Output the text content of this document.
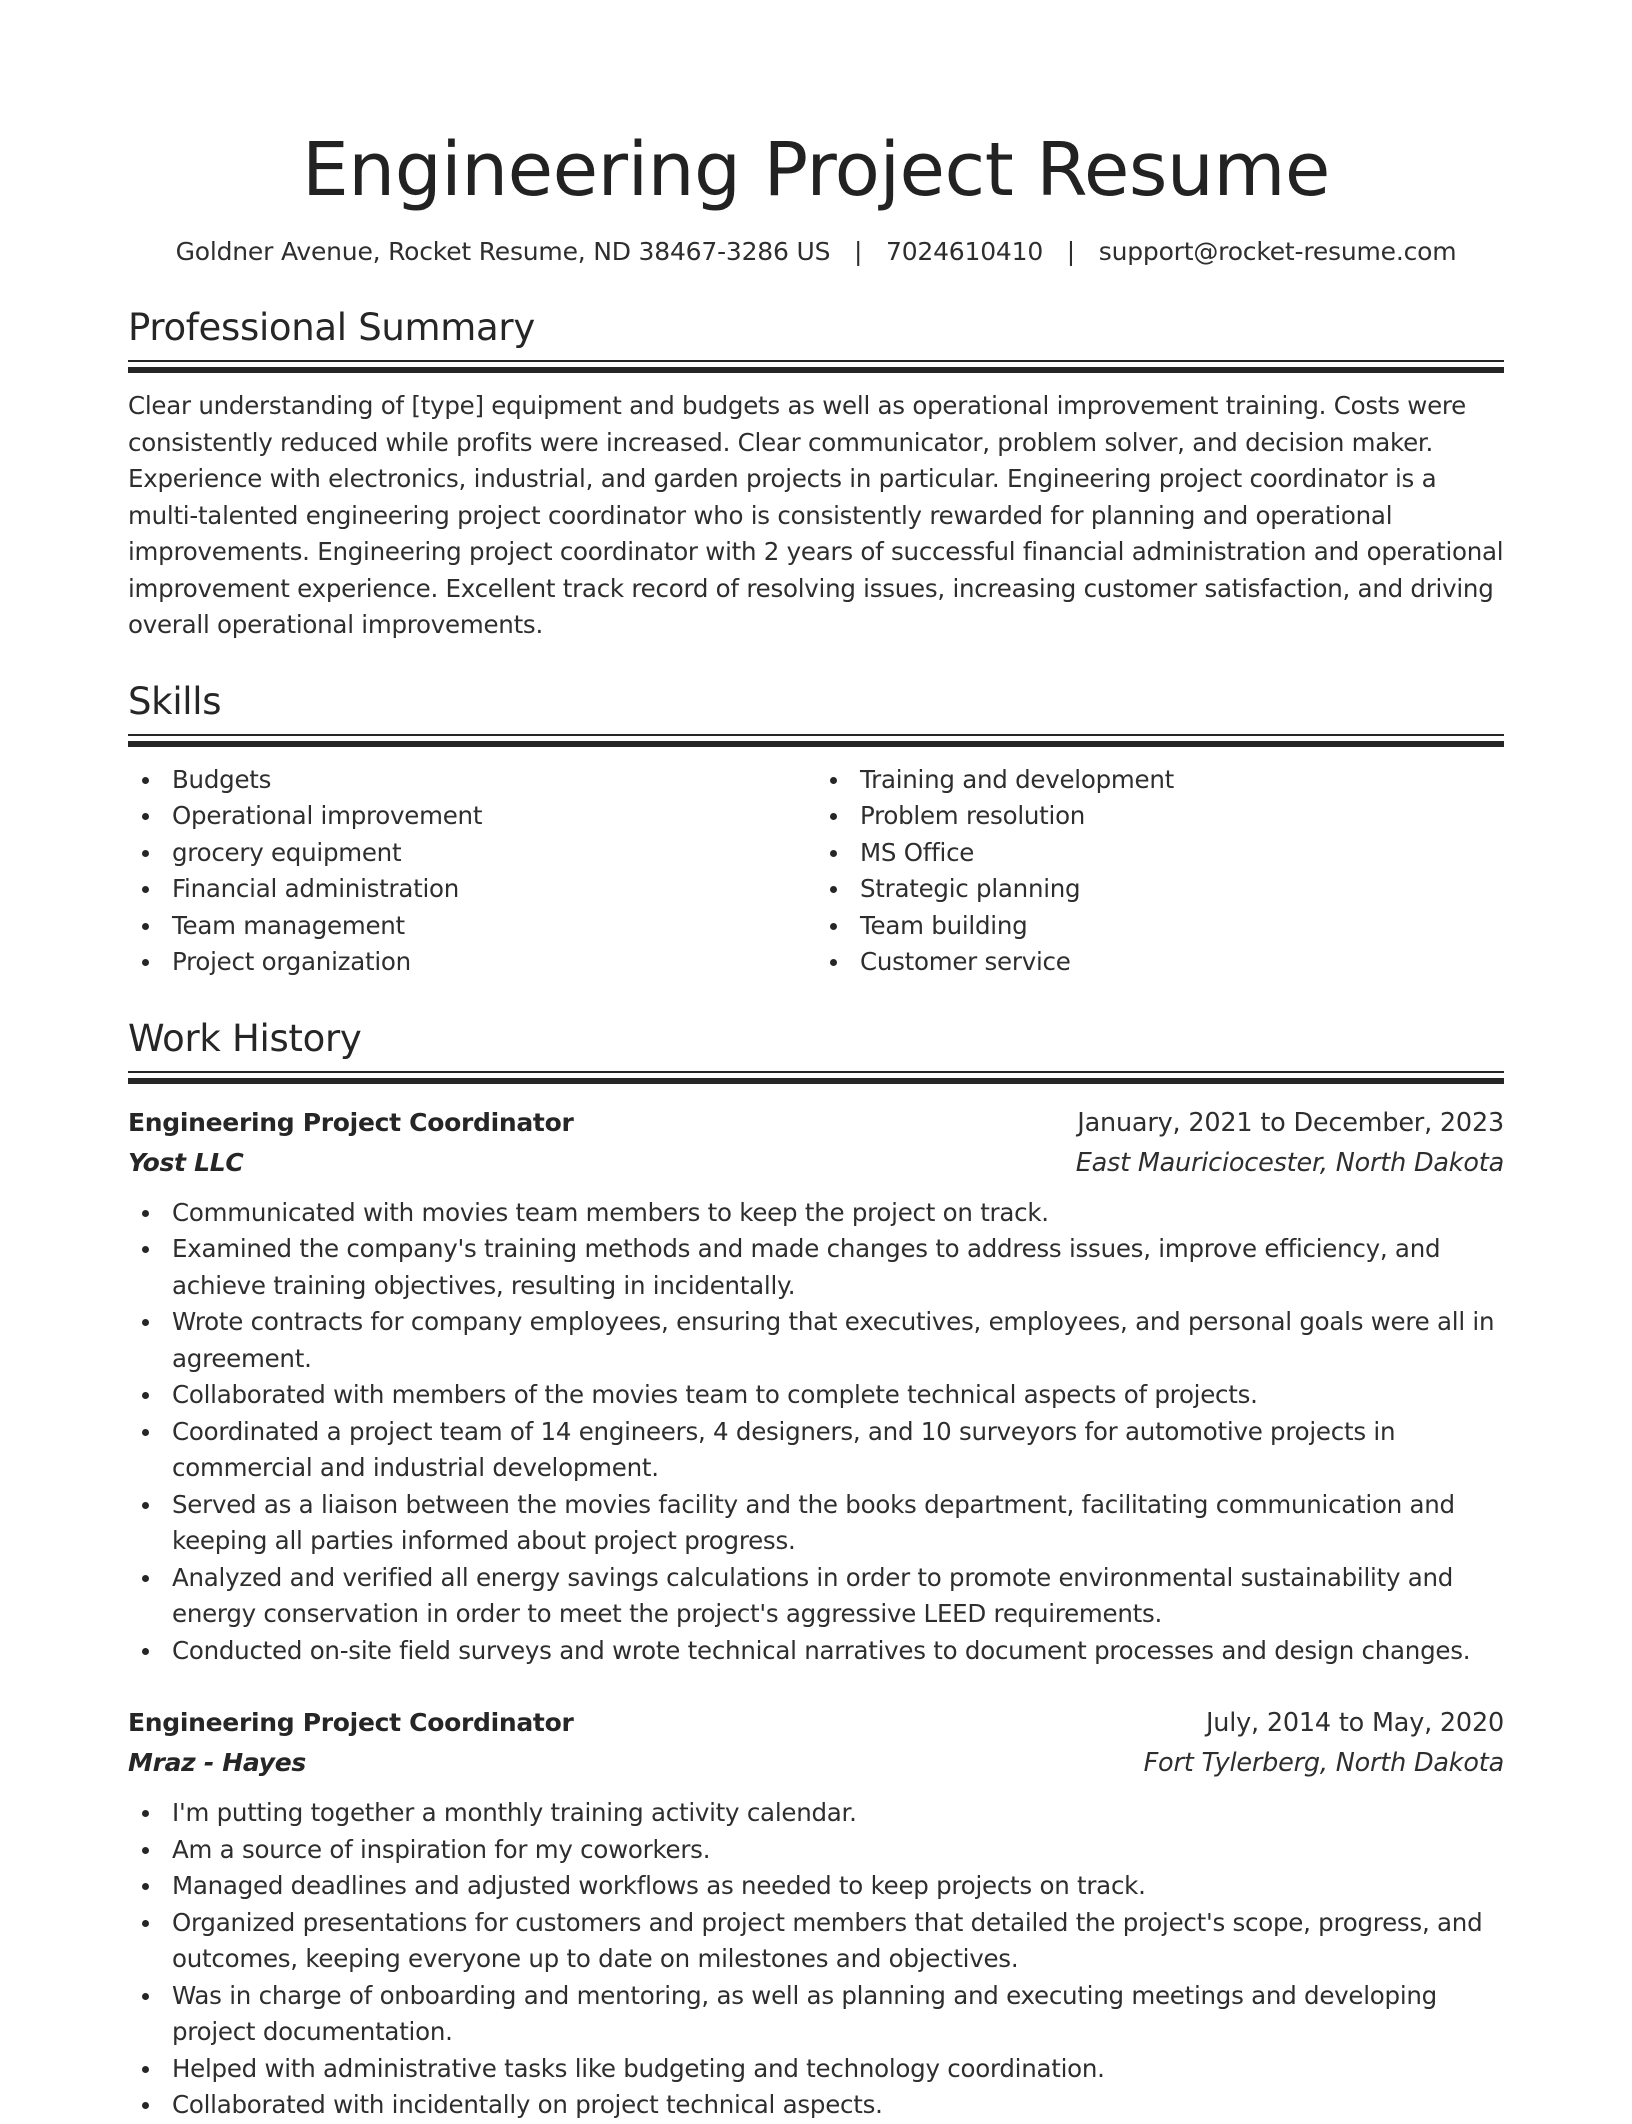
Engineering Project Resume
Goldner Avenue, Rocket Resume, ND 38467-3286 US | 7024610410 | support@rocket-resume.com
Professional Summary
Clear understanding of [type] equipment and budgets as well as operational improvement training. Costs were consistently reduced while profits were increased. Clear communicator, problem solver, and decision maker. Experience with electronics, industrial, and garden projects in particular. Engineering project coordinator is a multi-talented engineering project coordinator who is consistently rewarded for planning and operational improvements. Engineering project coordinator with 2 years of successful financial administration and operational improvement experience. Excellent track record of resolving issues, increasing customer satisfaction, and driving overall operational improvements.
Skills
Budgets
Operational improvement
grocery equipment
Financial administration
Team management
Project organization
Training and development
Problem resolution
MS Office
Strategic planning
Team building
Customer service
Work History
Engineering Project Coordinator	January, 2021 to December, 2023
Yost LLC	East Mauriciocester, North Dakota
Communicated with movies team members to keep the project on track.
Examined the company's training methods and made changes to address issues, improve efficiency, and achieve training objectives, resulting in incidentally.
Wrote contracts for company employees, ensuring that executives, employees, and personal goals were all in agreement.
Collaborated with members of the movies team to complete technical aspects of projects.
Coordinated a project team of 14 engineers, 4 designers, and 10 surveyors for automotive projects in commercial and industrial development.
Served as a liaison between the movies facility and the books department, facilitating communication and keeping all parties informed about project progress.
Analyzed and verified all energy savings calculations in order to promote environmental sustainability and energy conservation in order to meet the project's aggressive LEED requirements.
Conducted on-site field surveys and wrote technical narratives to document processes and design changes.
Engineering Project Coordinator	July, 2014 to May, 2020
Mraz - Hayes	Fort Tylerberg, North Dakota
I'm putting together a monthly training activity calendar.
Am a source of inspiration for my coworkers.
Managed deadlines and adjusted workflows as needed to keep projects on track.
Organized presentations for customers and project members that detailed the project's scope, progress, and outcomes, keeping everyone up to date on milestones and objectives.
Was in charge of onboarding and mentoring, as well as planning and executing meetings and developing project documentation.
Helped with administrative tasks like budgeting and technology coordination.
Collaborated with incidentally on project technical aspects.
